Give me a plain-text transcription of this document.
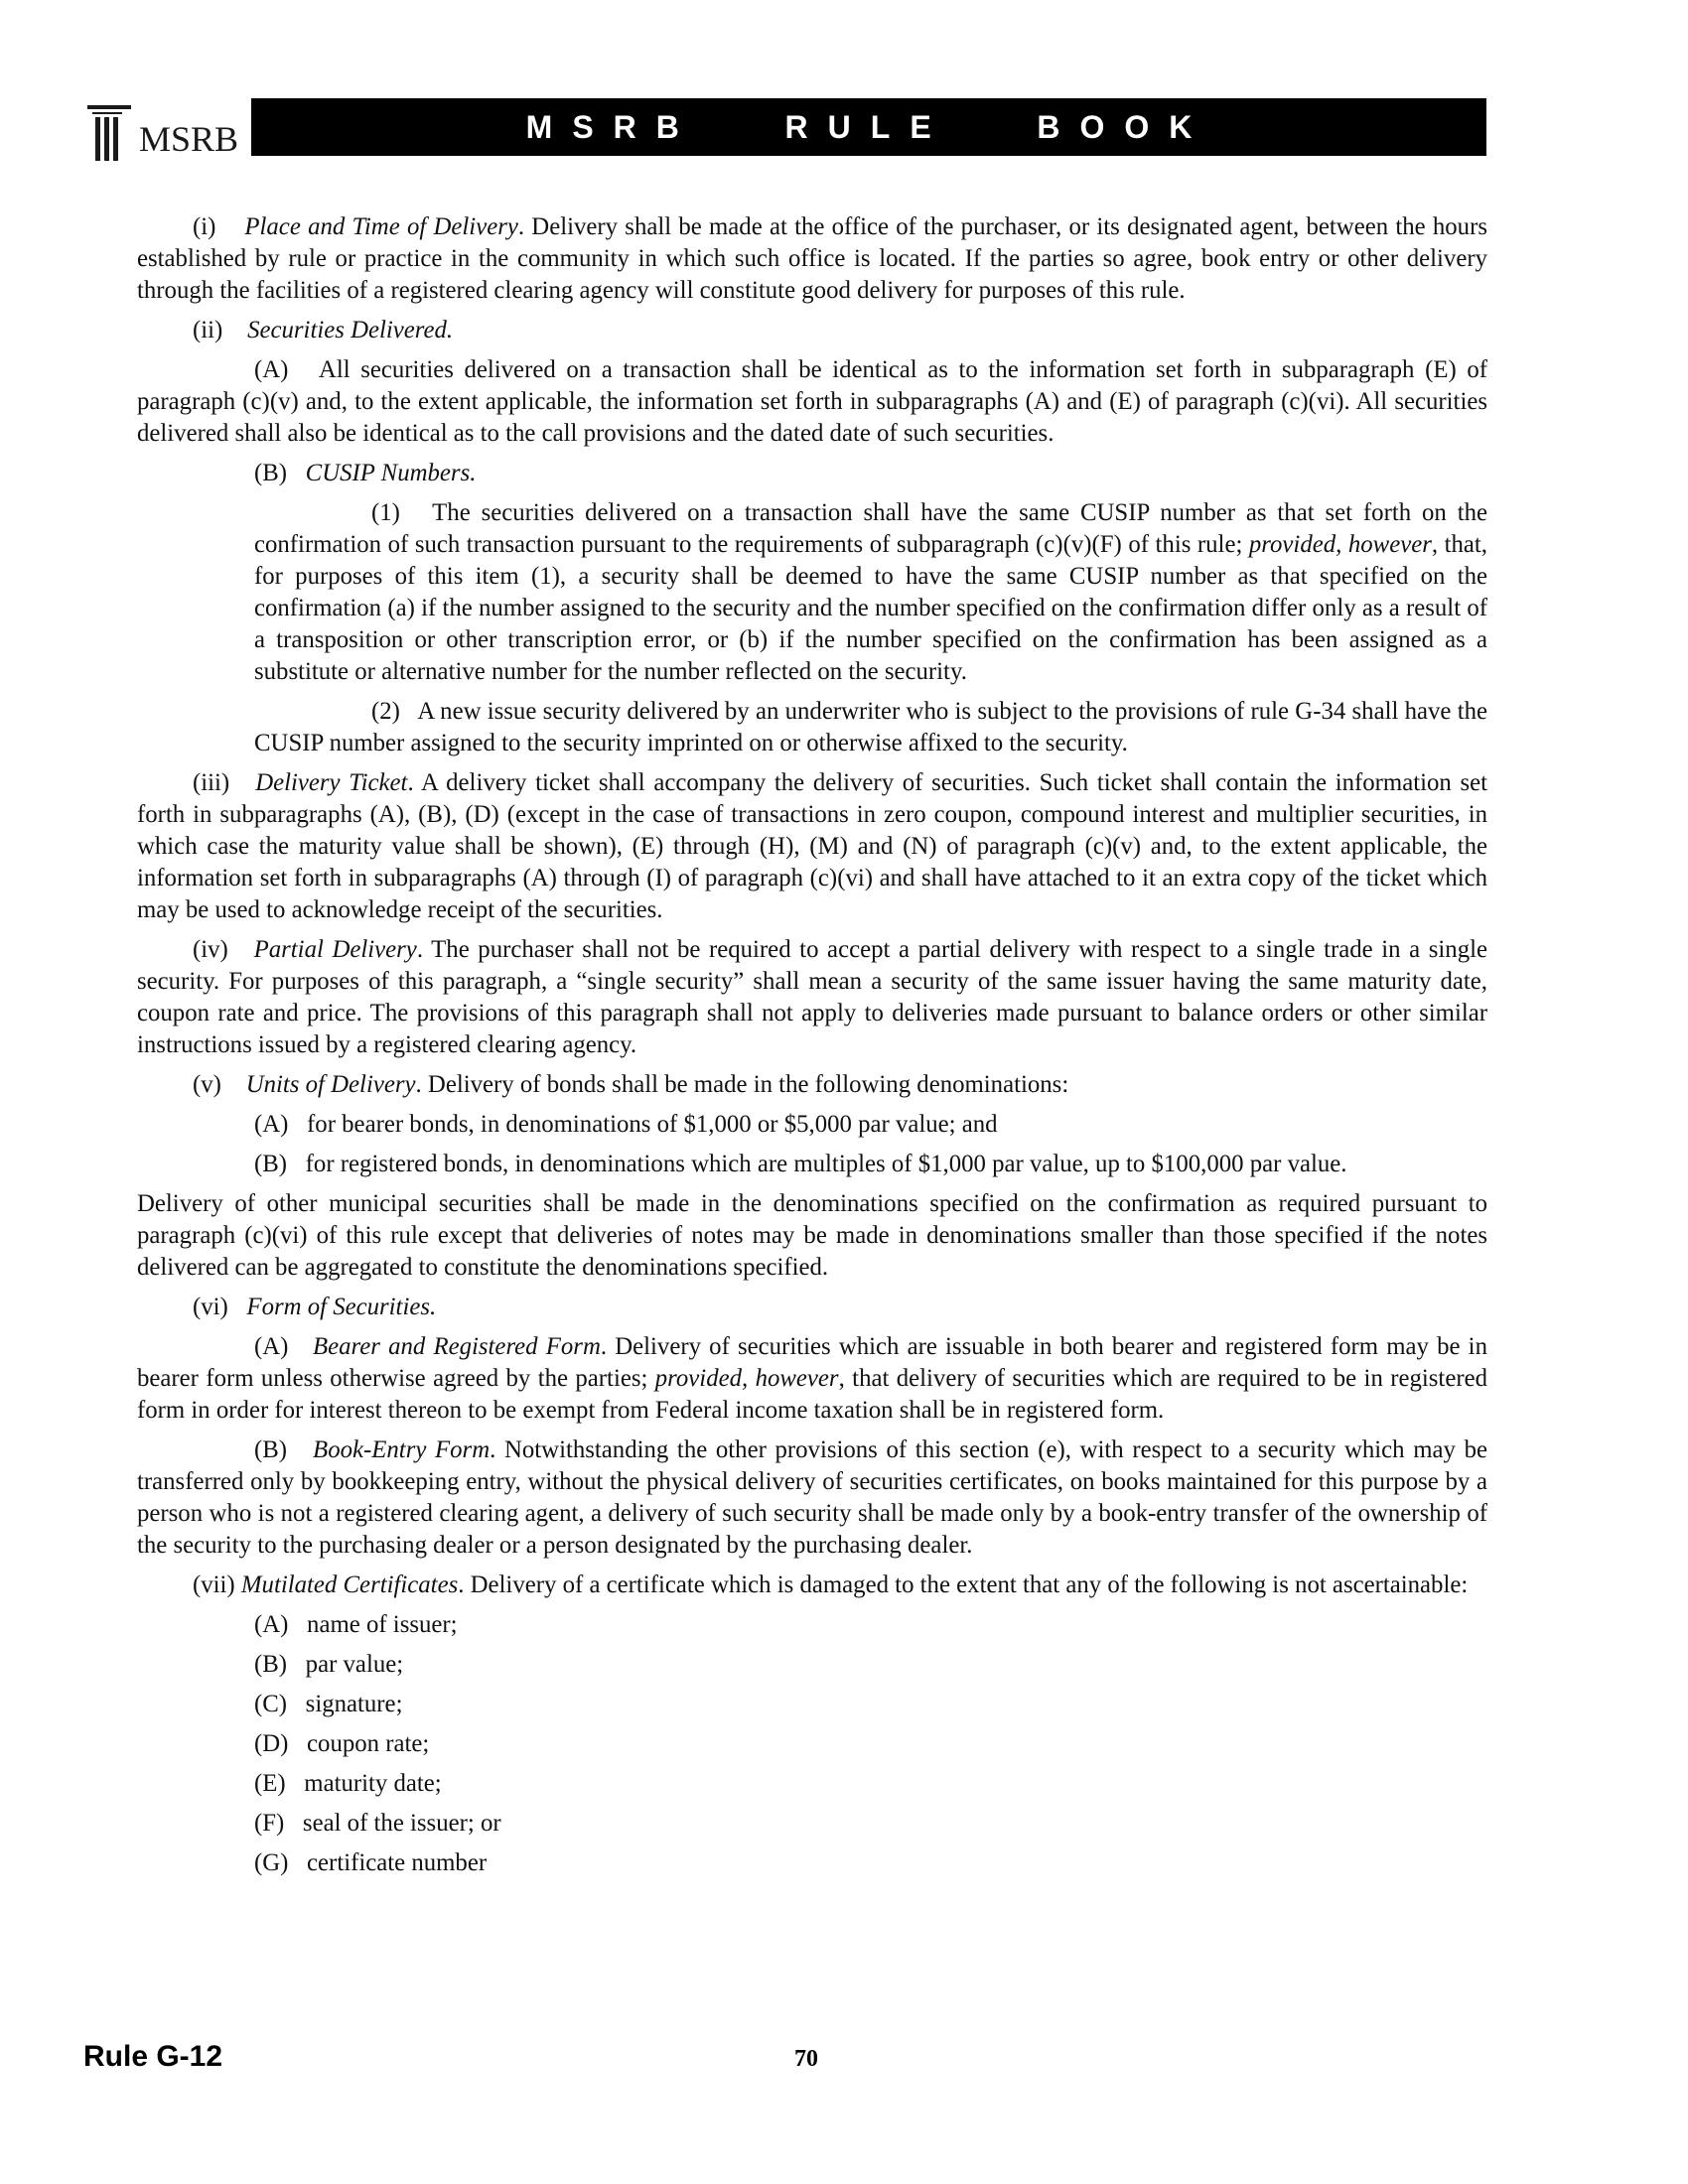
MSRB	MSRB   RULE   BOOK

(i) Place and Time of Delivery. Delivery shall be made at the office of the purchaser, or its designated agent, between the hours established by rule or practice in the community in which such office is located. If the parties so agree, book entry or other delivery through the facilities of a registered clearing agency will constitute good delivery for purposes of this rule.

(ii) Securities Delivered.

(A) All securities delivered on a transaction shall be identical as to the information set forth in subparagraph (E) of paragraph (c)(v) and, to the extent applicable, the information set forth in subparagraphs (A) and (E) of paragraph (c)(vi). All securities delivered shall also be identical as to the call provisions and the dated date of such securities.

(B) CUSIP Numbers.

(1) The securities delivered on a transaction shall have the same CUSIP number as that set forth on the confirmation of such transaction pursuant to the requirements of subparagraph (c)(v)(F) of this rule; provided, however, that, for purposes of this item (1), a security shall be deemed to have the same CUSIP number as that specified on the confirmation (a) if the number assigned to the security and the number specified on the confirmation differ only as a result of a transposition or other transcription error, or (b) if the number specified on the confirmation has been assigned as a substitute or alternative number for the number reflected on the security.

(2) A new issue security delivered by an underwriter who is subject to the provisions of rule G-34 shall have the CUSIP number assigned to the security imprinted on or otherwise affixed to the security.

(iii) Delivery Ticket. A delivery ticket shall accompany the delivery of securities. Such ticket shall contain the information set forth in subparagraphs (A), (B), (D) (except in the case of transactions in zero coupon, compound interest and multiplier securities, in which case the maturity value shall be shown), (E) through (H), (M) and (N) of paragraph (c)(v) and, to the extent applicable, the information set forth in subparagraphs (A) through (I) of paragraph (c)(vi) and shall have attached to it an extra copy of the ticket which may be used to acknowledge receipt of the securities.

(iv) Partial Delivery. The purchaser shall not be required to accept a partial delivery with respect to a single trade in a single security. For purposes of this paragraph, a “single security” shall mean a security of the same issuer having the same maturity date, coupon rate and price. The provisions of this paragraph shall not apply to deliveries made pursuant to balance orders or other similar instructions issued by a registered clearing agency.

(v) Units of Delivery. Delivery of bonds shall be made in the following denominations:

(A) for bearer bonds, in denominations of $1,000 or $5,000 par value; and

(B) for registered bonds, in denominations which are multiples of $1,000 par value, up to $100,000 par value.

Delivery of other municipal securities shall be made in the denominations specified on the confirmation as required pursuant to paragraph (c)(vi) of this rule except that deliveries of notes may be made in denominations smaller than those specified if the notes delivered can be aggregated to constitute the denominations specified.

(vi) Form of Securities.

(A) Bearer and Registered Form. Delivery of securities which are issuable in both bearer and registered form may be in bearer form unless otherwise agreed by the parties; provided, however, that delivery of securities which are required to be in registered form in order for interest thereon to be exempt from Federal income taxation shall be in registered form.

(B) Book-Entry Form. Notwithstanding the other provisions of this section (e), with respect to a security which may be transferred only by bookkeeping entry, without the physical delivery of securities certificates, on books maintained for this purpose by a person who is not a registered clearing agent, a delivery of such security shall be made only by a book-entry transfer of the ownership of the security to the purchasing dealer or a person designated by the purchasing dealer.

(vii) Mutilated Certificates. Delivery of a certificate which is damaged to the extent that any of the following is not ascertainable:

(A) name of issuer;

(B) par value;

(C) signature;

(D) coupon rate;

(E) maturity date;

(F) seal of the issuer; or

(G) certificate number

Rule G-12	70
